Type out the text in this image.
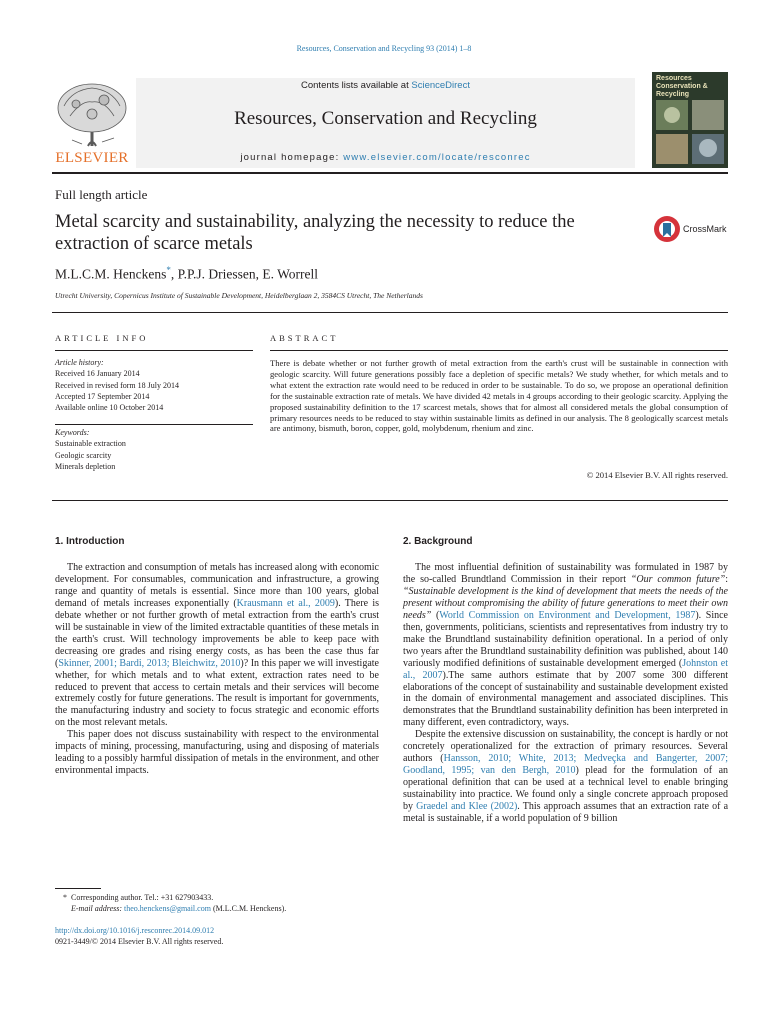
Resources, Conservation and Recycling 93 (2014) 1–8
ELSEVIER
Contents lists available at ScienceDirect
Resources, Conservation and Recycling
journal homepage: www.elsevier.com/locate/resconrec
Resources Conservation & Recycling
Full length article
Metal scarcity and sustainability, analyzing the necessity to reduce the extraction of scarce metals
CrossMark
M.L.C.M. Henckens*, P.P.J. Driessen, E. Worrell
Utrecht University, Copernicus Institute of Sustainable Development, Heidelberglaan 2, 3584CS Utrecht, The Netherlands
ARTICLE INFO	ABSTRACT
Article history:
Received 16 January 2014
Received in revised form 18 July 2014
Accepted 17 September 2014
Available online 10 October 2014
Keywords:
Sustainable extraction
Geologic scarcity
Minerals depletion
There is debate whether or not further growth of metal extraction from the earth's crust will be sustainable in connection with geologic scarcity. Will future generations possibly face a depletion of specific metals? We study whether, for which metals and to what extent the extraction rate would need to be reduced in order to be sustainable. To do so, we propose an operational definition for the sustainable extraction rate of metals. We have divided 42 metals in 4 groups according to their geologic scarcity. Applying the proposed sustainability definition to the 17 scarcest metals, shows that for almost all considered metals the global consumption of primary resources needs to be reduced to stay within sustainable limits as defined in our analysis. The 8 geologically scarcest metals are antimony, bismuth, boron, copper, gold, molybdenum, rhenium and zinc.
© 2014 Elsevier B.V. All rights reserved.
1. Introduction	2. Background

The extraction and consumption of metals has increased along with economic development. For consumables, communication and infrastructure, a growing range and quantity of metals is essential. Since more than 100 years, global demand of metals increases exponentially (Krausmann et al., 2009). There is debate whether or not further growth of metal extraction from the earth's crust will be sustainable in view of the limited extractable quantities of these metals in the earth's crust. Will technology improvements be able to keep pace with decreasing ore grades and rising energy costs, as has been the case thus far (Skinner, 2001; Bardi, 2013; Bleichwitz, 2010)? In this paper we will investigate whether, for which metals and to what extent, extraction rates need to be reduced to prevent that access to certain metals and their services will become extremely costly for future generations. The result is important for governments, the manufacturing industry and society to focus strategic and economic efforts on the most relevant metals.

This paper does not discuss sustainability with respect to the environmental impacts of mining, processing, manufacturing, using and disposing of materials leading to a possibly harmful dissipation of metals in the environment, and other environmental impacts.

The most influential definition of sustainability was formulated in 1987 by the so-called Brundtland Commission in their report “Our common future”: “Sustainable development is the kind of development that meets the needs of the present without compromising the ability of future generations to meet their own needs” (World Commission on Environment and Development, 1987). Since then, governments, politicians, scientists and representatives from industry try to make the Brundtland sustainability definition operational. In a period of only two years after the Brundtland sustainability definition was published, about 140 variously modified definitions of sustainable development emerged (Johnston et al., 2007).The same authors estimate that by 2007 some 300 different elaborations of the concept of sustainability and sustainable development existed in the domain of environmental management and associated disciplines. This demonstrates that the Brundtland sustainability definition has been interpreted in many different, even contradictory, ways.

Despite the extensive discussion on sustainability, the concept is hardly or not concretely operationalized for the extraction of primary resources. Several authors (Hansson, 2010; White, 2013; Medveçka and Bangerter, 2007; Goodland, 1995; van den Bergh, 2010) plead for the formulation of an operational definition that can be used at a technical level to enable bringing sustainability into practice. We found only a single concrete approach proposed by Graedel and Klee (2002). This approach assumes that an extraction rate of a metal is sustainable, if a world population of 9 billion

* Corresponding author. Tel.: +31 627903433.
E-mail address: theo.henckens@gmail.com (M.L.C.M. Henckens).
http://dx.doi.org/10.1016/j.resconrec.2014.09.012
0921-3449/© 2014 Elsevier B.V. All rights reserved.
